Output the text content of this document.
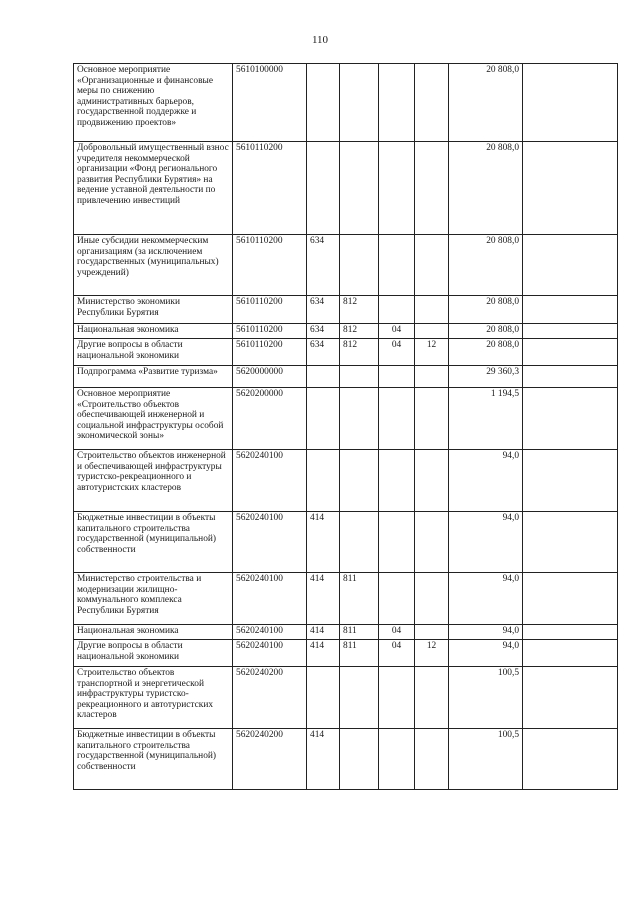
110
Основное мероприятие «Организационные и финансовые меры по снижению административных барьеров, государственной поддержке и продвижению проектов»	5610100000					20 808,0	
Добровольный имущественный взнос учредителя некоммерческой организации «Фонд регионального развития Республики Бурятия» на ведение уставной деятельности по привлечению инвестиций	5610110200					20 808,0	
Иные субсидии некоммерческим организациям (за исключением государственных (муниципальных) учреждений)	5610110200	634				20 808,0	
Министерство экономики Республики Бурятия	5610110200	634	812			20 808,0	
Национальная экономика	5610110200	634	812	04		20 808,0	
Другие вопросы в области национальной экономики	5610110200	634	812	04	12	20 808,0	
Подпрограмма «Развитие туризма»	5620000000					29 360,3	
Основное мероприятие «Строительство объектов обеспечивающей инженерной и социальной инфраструктуры особой экономической зоны»	5620200000					1 194,5	
Строительство объектов инженерной и обеспечивающей инфраструктуры туристско-рекреационного и автотуристских кластеров	5620240100					94,0	
Бюджетные инвестиции в объекты капитального строительства государственной (муниципальной) собственности	5620240100	414				94,0	
Министерство строительства и модернизации жилищно-коммунального комплекса Республики Бурятия	5620240100	414	811			94,0	
Национальная экономика	5620240100	414	811	04		94,0	
Другие вопросы в области национальной экономики	5620240100	414	811	04	12	94,0	
Строительство объектов транспортной и энергетической инфраструктуры туристско-рекреационного и автотуристских кластеров	5620240200					100,5	
Бюджетные инвестиции в объекты капитального строительства государственной (муниципальной) собственности	5620240200	414				100,5	
